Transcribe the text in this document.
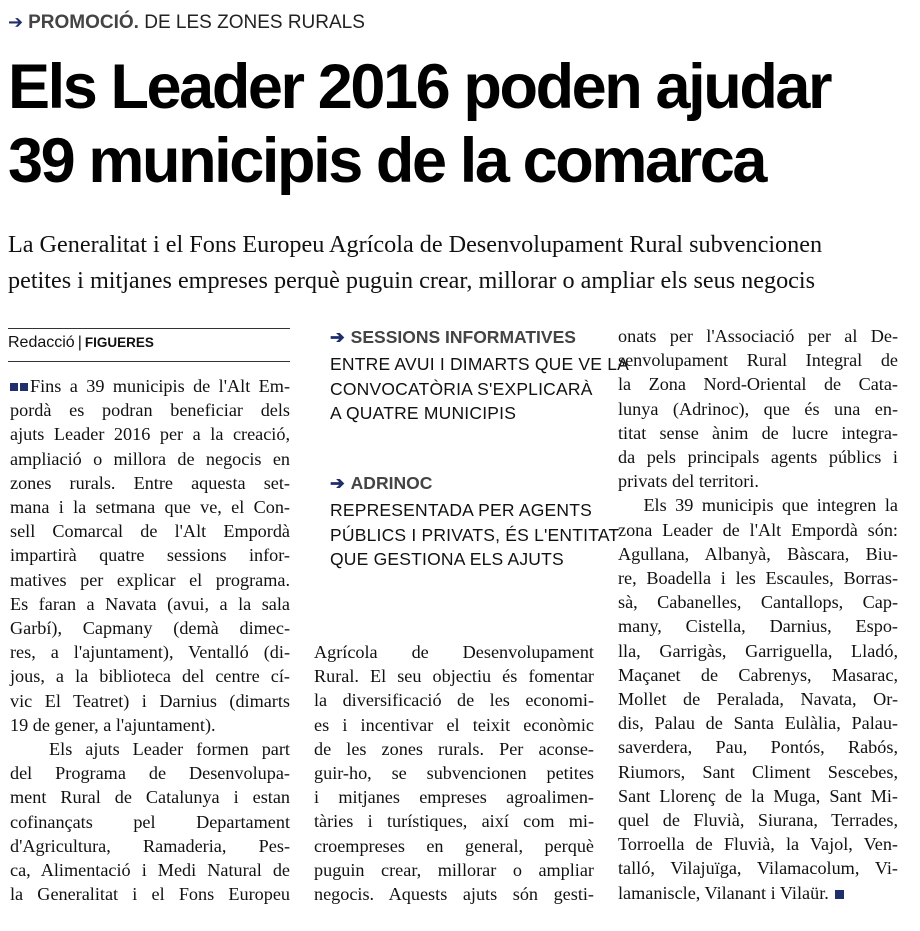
➔ PROMOCIÓ. DE LES ZONES RURALS
Els Leader 2016 poden ajudar
39 municipis de la comarca
La Generalitat i el Fons Europeu Agrícola de Desenvolupament Rural subvencionen
petites i mitjanes empreses perquè puguin crear, millorar o ampliar els seus negocis
Redacció | FIGUERES
Fins a 39 municipis de l'Alt Em-
pordà es podran beneficiar dels
ajuts Leader 2016 per a la creació,
ampliació o millora de negocis en
zones rurals. Entre aquesta set-
mana i la setmana que ve, el Con-
sell Comarcal de l'Alt Empordà
impartirà quatre sessions infor-
matives per explicar el programa.
Es faran a Navata (avui, a la sala
Garbí), Capmany (demà dimec-
res, a l'ajuntament), Ventalló (di-
jous, a la biblioteca del centre cí-
vic El Teatret) i Darnius (dimarts
19 de gener, a l'ajuntament).
Els ajuts Leader formen part
del Programa de Desenvolupa-
ment Rural de Catalunya i estan
cofinançats pel Departament
d'Agricultura, Ramaderia, Pes-
ca, Alimentació i Medi Natural de
la Generalitat i el Fons Europeu
➔ SESSIONS INFORMATIVES
ENTRE AVUI I DIMARTS QUE VE LA
CONVOCATÒRIA S'EXPLICARÀ
A QUATRE MUNICIPIS
➔ ADRINOC
REPRESENTADA PER AGENTS
PÚBLICS I PRIVATS, ÉS L'ENTITAT
QUE GESTIONA ELS AJUTS
Agrícola de Desenvolupament
Rural. El seu objectiu és fomentar
la diversificació de les economi-
es i incentivar el teixit econòmic
de les zones rurals. Per aconse-
guir-ho, se subvencionen petites
i mitjanes empreses agroalimen-
tàries i turístiques, així com mi-
croempreses en general, perquè
puguin crear, millorar o ampliar
negocis. Aquests ajuts són gesti-
onats per l'Associació per al De-
senvolupament Rural Integral de
la Zona Nord-Oriental de Cata-
lunya (Adrinoc), que és una en-
titat sense ànim de lucre integra-
da pels principals agents públics i
privats del territori.
Els 39 municipis que integren la
zona Leader de l'Alt Empordà són:
Agullana, Albanyà, Bàscara, Biu-
re, Boadella i les Escaules, Borras-
sà, Cabanelles, Cantallops, Cap-
many, Cistella, Darnius, Espo-
lla, Garrigàs, Garriguella, Lladó,
Maçanet de Cabrenys, Masarac,
Mollet de Peralada, Navata, Or-
dis, Palau de Santa Eulàlia, Palau-
saverdera, Pau, Pontós, Rabós,
Riumors, Sant Climent Sescebes,
Sant Llorenç de la Muga, Sant Mi-
quel de Fluvià, Siurana, Terrades,
Torroella de Fluvià, la Vajol, Ven-
talló, Vilajuïga, Vilamacolum, Vi-
lamaniscle, Vilanant i Vilaür.
